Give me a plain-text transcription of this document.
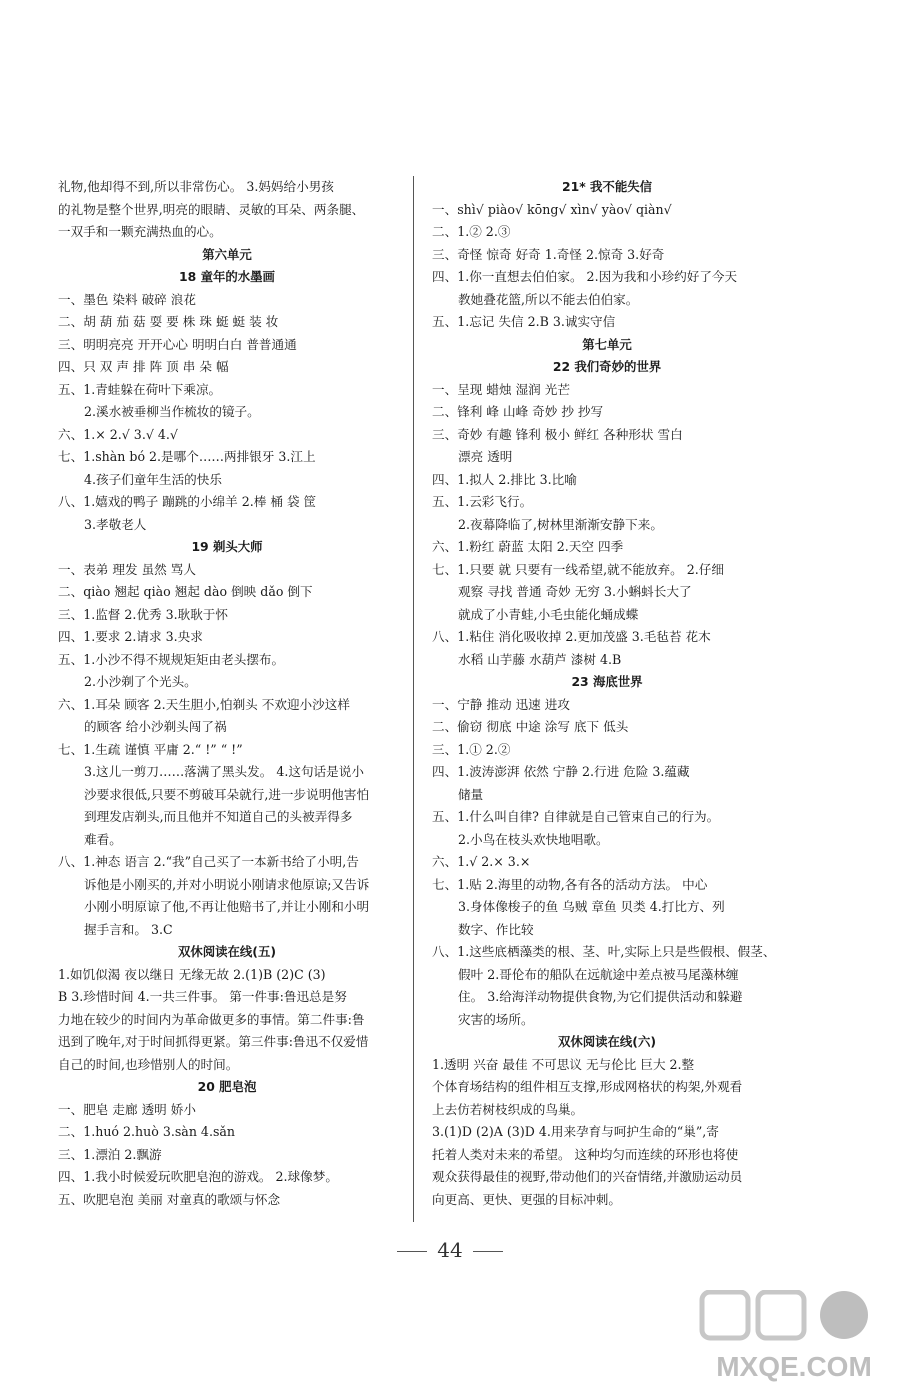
礼物,他却得不到,所以非常伤心。 3.妈妈给小男孩
的礼物是整个世界,明亮的眼睛、灵敏的耳朵、两条腿、
一双手和一颗充满热血的心。
第六单元
18 童年的水墨画
一、墨色 染料 破碎 浪花
二、胡 葫 茄 菇 耍 要 株 珠 蜓 蜓 装 妆
三、明明亮亮 开开心心 明明白白 普普通通
四、只 双 声 排 阵 顶 串 朵 幅
五、1.青蛙躲在荷叶下乘凉。
2.溪水被垂柳当作梳妆的镜子。
六、1.× 2.√ 3.√ 4.√
七、1.shàn bó 2.是哪个……两排银牙 3.江上
4.孩子们童年生活的快乐
八、1.嬉戏的鸭子 蹦跳的小绵羊 2.棒 桶 袋 筐
3.孝敬老人
19 剃头大师
一、表弟 理发 虽然 骂人
二、qiào 翘起 qiào 翘起 dào 倒映 dǎo 倒下
三、1.监督 2.优秀 3.耿耿于怀
四、1.要求 2.请求 3.央求
五、1.小沙不得不规规矩矩由老头摆布。
2.小沙剃了个光头。
六、1.耳朵 顾客 2.天生胆小,怕剃头 不欢迎小沙这样
的顾客 给小沙剃头闯了祸
七、1.生疏 谨慎 平庸 2.“ !” “ !”
3.这儿一剪刀……落满了黑头发。 4.这句话是说小
沙要求很低,只要不剪破耳朵就行,进一步说明他害怕
到理发店剃头,而且他并不知道自己的头被弄得多
难看。
八、1.神态 语言 2.“我”自己买了一本新书给了小明,告
诉他是小刚买的,并对小明说小刚请求他原谅;又告诉
小刚小明原谅了他,不再让他赔书了,并让小刚和小明
握手言和。 3.C
双休阅读在线(五)
1.如饥似渴 夜以继日 无缘无故 2.(1)B (2)C (3)
B 3.珍惜时间 4.一共三件事。 第一件事:鲁迅总是努
力地在较少的时间内为革命做更多的事情。第二件事:鲁
迅到了晚年,对于时间抓得更紧。第三件事:鲁迅不仅爱惜
自己的时间,也珍惜别人的时间。
20 肥皂泡
一、肥皂 走廊 透明 娇小
二、1.huó 2.huò 3.sàn 4.sǎn
三、1.漂泊 2.飘游
四、1.我小时候爱玩吹肥皂泡的游戏。 2.球像梦。
五、吹肥皂泡 美丽 对童真的歌颂与怀念
21* 我不能失信
一、shì√ piào√ kōng√ xìn√ yào√ qiàn√
二、1.② 2.③
三、奇怪 惊奇 好奇 1.奇怪 2.惊奇 3.好奇
四、1.你一直想去伯伯家。 2.因为我和小珍约好了今天
教她叠花篮,所以不能去伯伯家。
五、1.忘记 失信 2.B 3.诚实守信
第七单元
22 我们奇妙的世界
一、呈现 蜡烛 湿润 光芒
二、锋利 峰 山峰 奇妙 抄 抄写
三、奇妙 有趣 锋利 极小 鲜红 各种形状 雪白
漂亮 透明
四、1.拟人 2.排比 3.比喻
五、1.云彩飞行。
2.夜幕降临了,树林里渐渐安静下来。
六、1.粉红 蔚蓝 太阳 2.天空 四季
七、1.只要 就 只要有一线希望,就不能放弃。 2.仔细
观察 寻找 普通 奇妙 无穷 3.小蝌蚪长大了
就成了小青蛙,小毛虫能化蛹成蝶
八、1.粘住 消化吸收掉 2.更加茂盛 3.毛毡苔 花木
水稻 山芋藤 水葫芦 漆树 4.B
23 海底世界
一、宁静 推动 迅速 进攻
二、偷窃 彻底 中途 涂写 底下 低头
三、1.① 2.②
四、1.波涛澎湃 依然 宁静 2.行进 危险 3.蕴藏
储量
五、1.什么叫自律? 自律就是自己管束自己的行为。
2.小鸟在枝头欢快地唱歌。
六、1.√ 2.× 3.×
七、1.贴 2.海里的动物,各有各的活动方法。 中心
3.身体像梭子的鱼 乌贼 章鱼 贝类 4.打比方、列
数字、作比较
八、1.这些底栖藻类的根、茎、叶,实际上只是些假根、假茎、
假叶 2.哥伦布的船队在远航途中差点被马尾藻林缠
住。 3.给海洋动物提供食物,为它们提供活动和躲避
灾害的场所。
双休阅读在线(六)
1.透明 兴奋 最佳 不可思议 无与伦比 巨大 2.整
个体育场结构的组件相互支撑,形成网格状的构架,外观看
上去仿若树枝织成的鸟巢。
3.(1)D (2)A (3)D 4.用来孕育与呵护生命的“巢”,寄
托着人类对未来的希望。 这种均匀而连续的环形也将使
观众获得最佳的视野,带动他们的兴奋情绪,并激励运动员
向更高、更快、更强的目标冲刺。
44
MXQE.COM
